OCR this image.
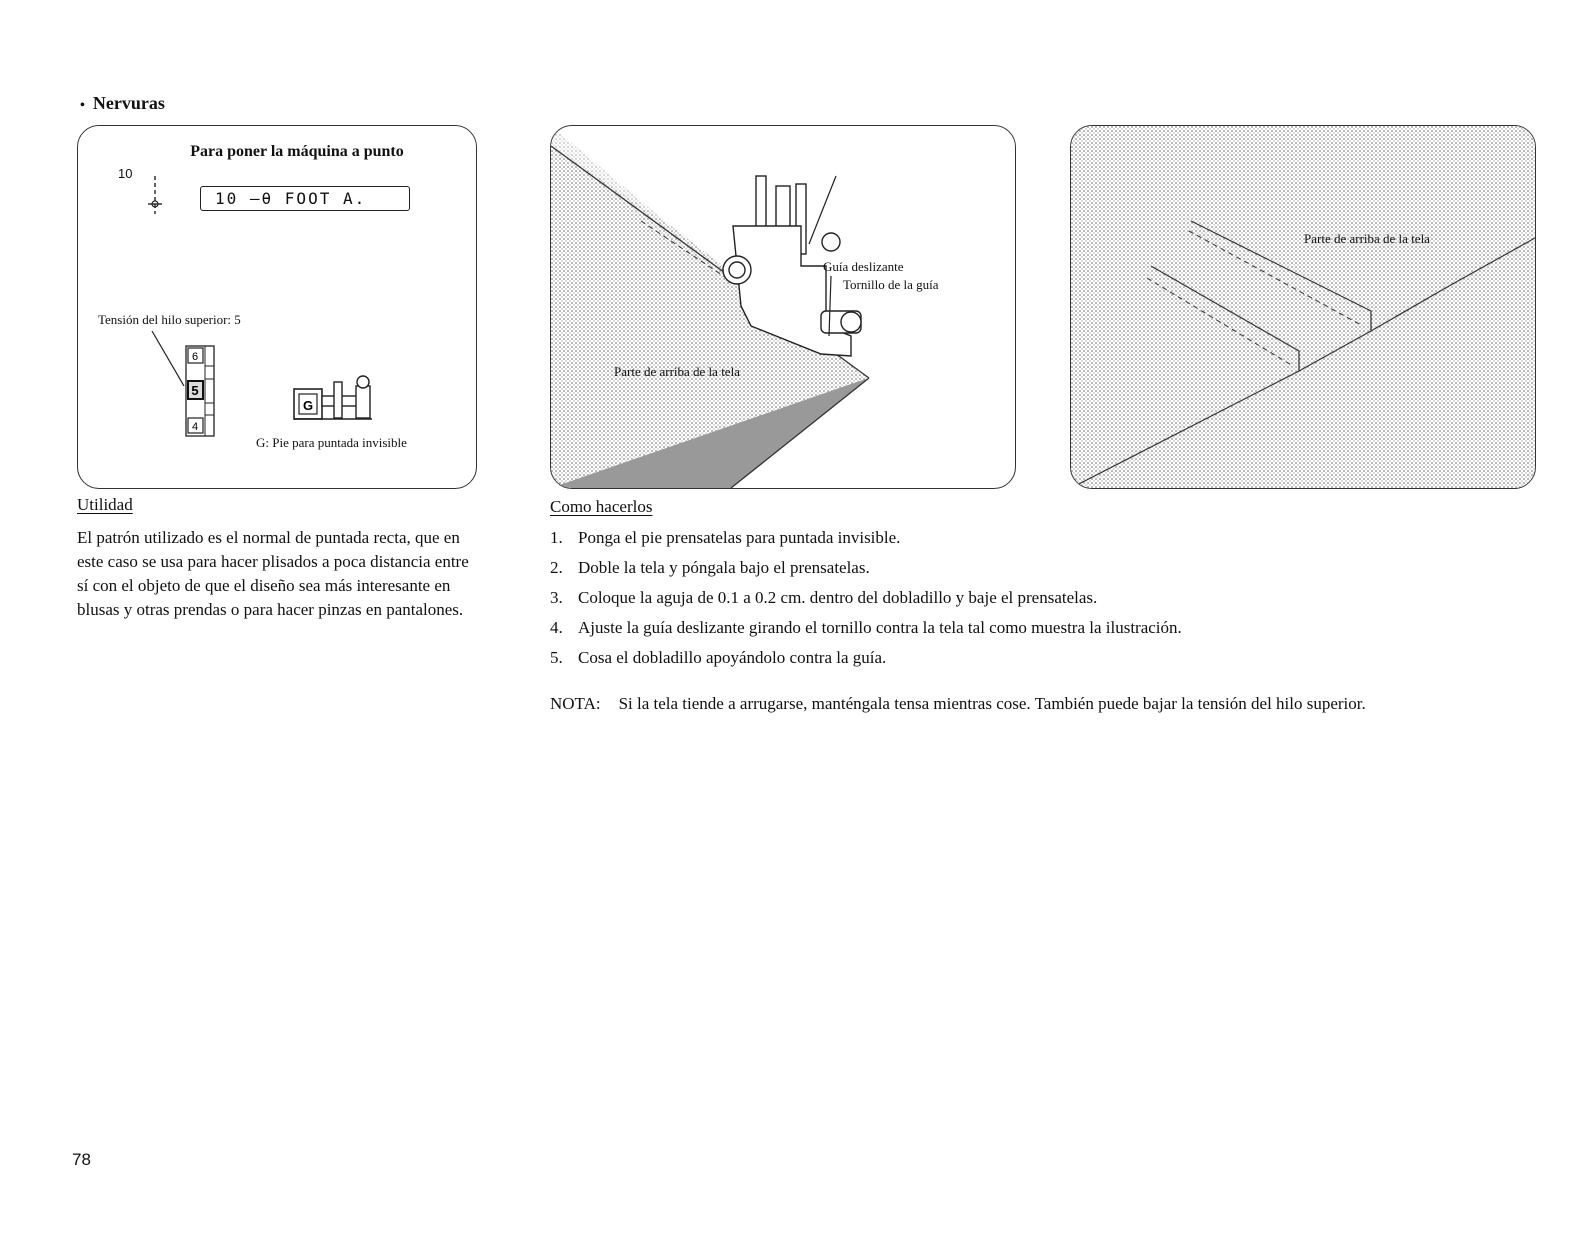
• Nervuras
Para poner la máquina a punto
10
10 —θ FOOT A.
Tensión del hilo superior: 5
6
5
4
G
G: Pie para puntada invisible
Guía deslizante
Tornillo de la guía
Parte de arriba de la tela
Parte de arriba de la tela
Utilidad
El patrón utilizado es el normal de puntada recta, que en este caso se usa para hacer plisados a poca distancia entre sí con el objeto de que el diseño sea más interesante en blusas y otras prendas o para hacer pinzas en pantalones.
Como hacerlos
1. Ponga el pie prensatelas para puntada invisible.
2. Doble la tela y póngala bajo el prensatelas.
3. Coloque la aguja de 0.1 a 0.2 cm. dentro del dobladillo y baje el prensatelas.
4. Ajuste la guía deslizante girando el tornillo contra la tela tal como muestra la ilustración.
5. Cosa el dobladillo apoyándolo contra la guía.
NOTA: Si la tela tiende a arrugarse, manténgala tensa mientras cose. También puede bajar la tensión del hilo superior.
78
